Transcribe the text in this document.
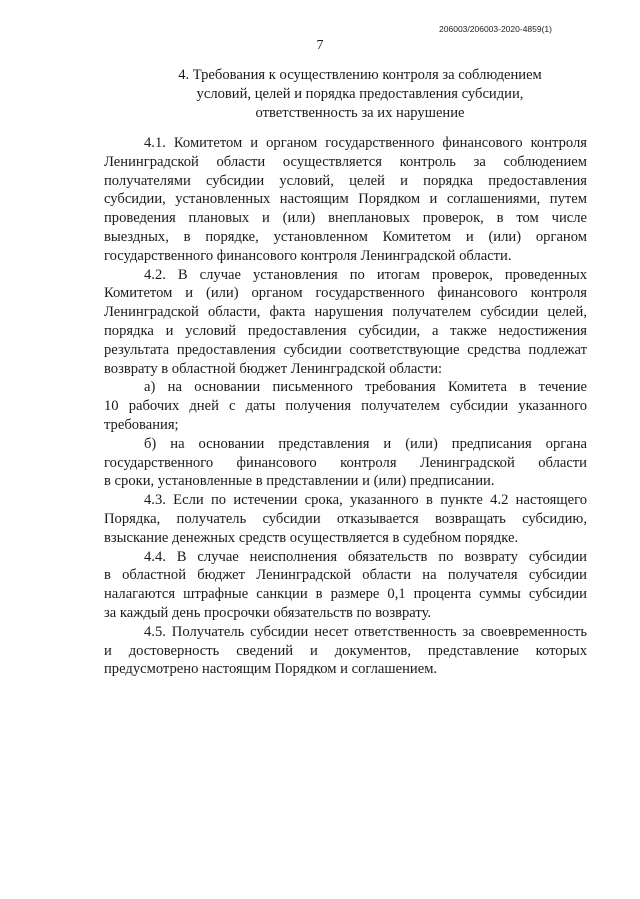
206003/206003-2020-4859(1)
7
4. Требования к осуществлению контроля за соблюдением
условий, целей и порядка предоставления субсидии,
ответственность за их нарушение
4.1. Комитетом и органом государственного финансового контроля
Ленинградской области осуществляется контроль за соблюдением
получателями субсидии условий, целей и порядка предоставления
субсидии, установленных настоящим Порядком и соглашениями, путем
проведения плановых и (или) внеплановых проверок, в том числе
выездных, в порядке, установленном Комитетом и (или) органом
государственного финансового контроля Ленинградской области.
4.2. В случае установления по итогам проверок, проведенных
Комитетом и (или) органом государственного финансового контроля
Ленинградской области, факта нарушения получателем субсидии целей,
порядка и условий предоставления субсидии, а также недостижения
результата предоставления субсидии соответствующие средства подлежат
возврату в областной бюджет Ленинградской области:
а) на основании письменного требования Комитета в течение
10 рабочих дней с даты получения получателем субсидии указанного
требования;
б) на основании представления и (или) предписания органа
государственного финансового контроля Ленинградской области
в сроки, установленные в представлении и (или) предписании.
4.3. Если по истечении срока, указанного в пункте 4.2 настоящего
Порядка, получатель субсидии отказывается возвращать субсидию,
взыскание денежных средств осуществляется в судебном порядке.
4.4. В случае неисполнения обязательств по возврату субсидии
в областной бюджет Ленинградской области на получателя субсидии
налагаются штрафные санкции в размере 0,1 процента суммы субсидии
за каждый день просрочки обязательств по возврату.
4.5. Получатель субсидии несет ответственность за своевременность
и достоверность сведений и документов, представление которых
предусмотрено настоящим Порядком и соглашением.
